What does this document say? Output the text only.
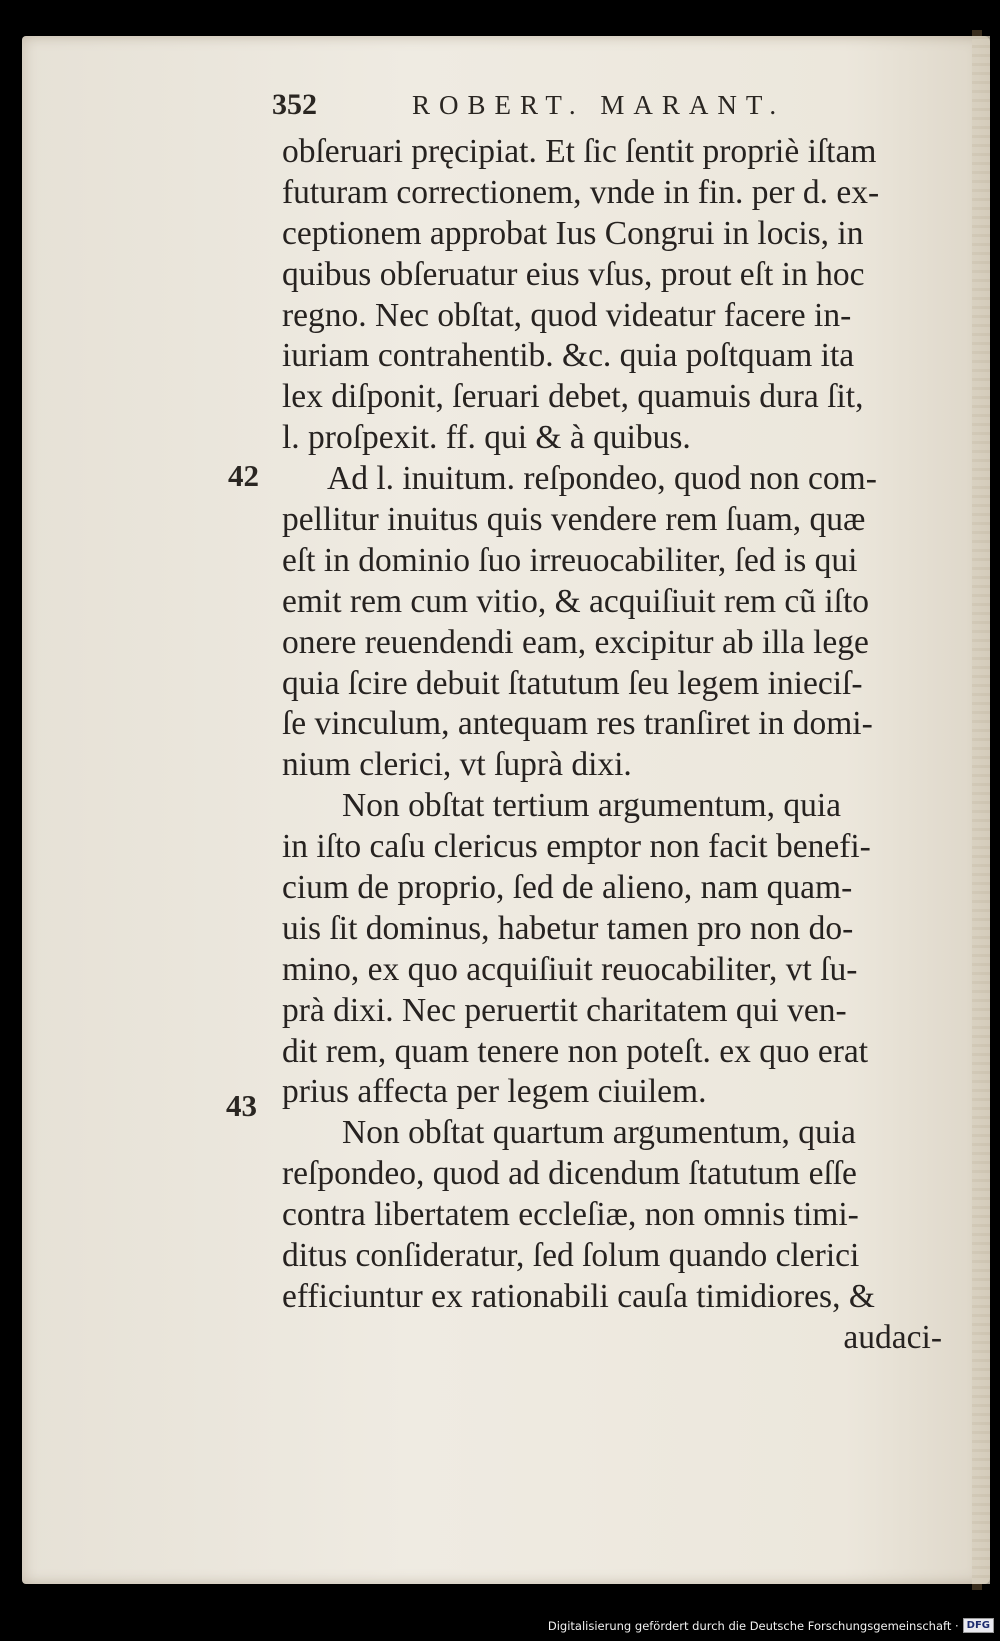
352	ROBERT. MARANT.
42
43
obſeruari pręcipiat. Et ſic ſentit propriè iſtam
futuram correctionem, vnde in fin. per d. ex-
ceptionem approbat Ius Congrui in locis, in
quibus obſeruatur eius vſus, prout eſt in hoc
regno. Nec obſtat, quod videatur facere in-
iuriam contrahentib. &c. quia poſtquam ita
lex diſponit, ſeruari debet, quamuis dura ſit,
l. proſpexit. ff. qui & à quibus.
Ad l. inuitum. reſpondeo, quod non com-
pellitur inuitus quis vendere rem ſuam, quæ
eſt in dominio ſuo irreuocabiliter, ſed is qui
emit rem cum vitio, & acquiſiuit rem cũ iſto
onere reuendendi eam, excipitur ab illa lege
quia ſcire debuit ſtatutum ſeu legem inieciſ-
ſe vinculum, antequam res tranſiret in domi-
nium clerici, vt ſuprà dixi.
Non obſtat tertium argumentum, quia
in iſto caſu clericus emptor non facit benefi-
cium de proprio, ſed de alieno, nam quam-
uis ſit dominus, habetur tamen pro non do-
mino, ex quo acquiſiuit reuocabiliter, vt ſu-
prà dixi. Nec peruertit charitatem qui ven-
dit rem, quam tenere non poteſt. ex quo erat
prius affecta per legem ciuilem.
Non obſtat quartum argumentum, quia
reſpondeo, quod ad dicendum ſtatutum eſſe
contra libertatem eccleſiæ, non omnis timi-
ditus conſideratur, ſed ſolum quando clerici
efficiuntur ex rationabili cauſa timidiores, &
audaci-
Digitalisierung gefördert durch die Deutsche Forschungsgemeinschaft · DFG
